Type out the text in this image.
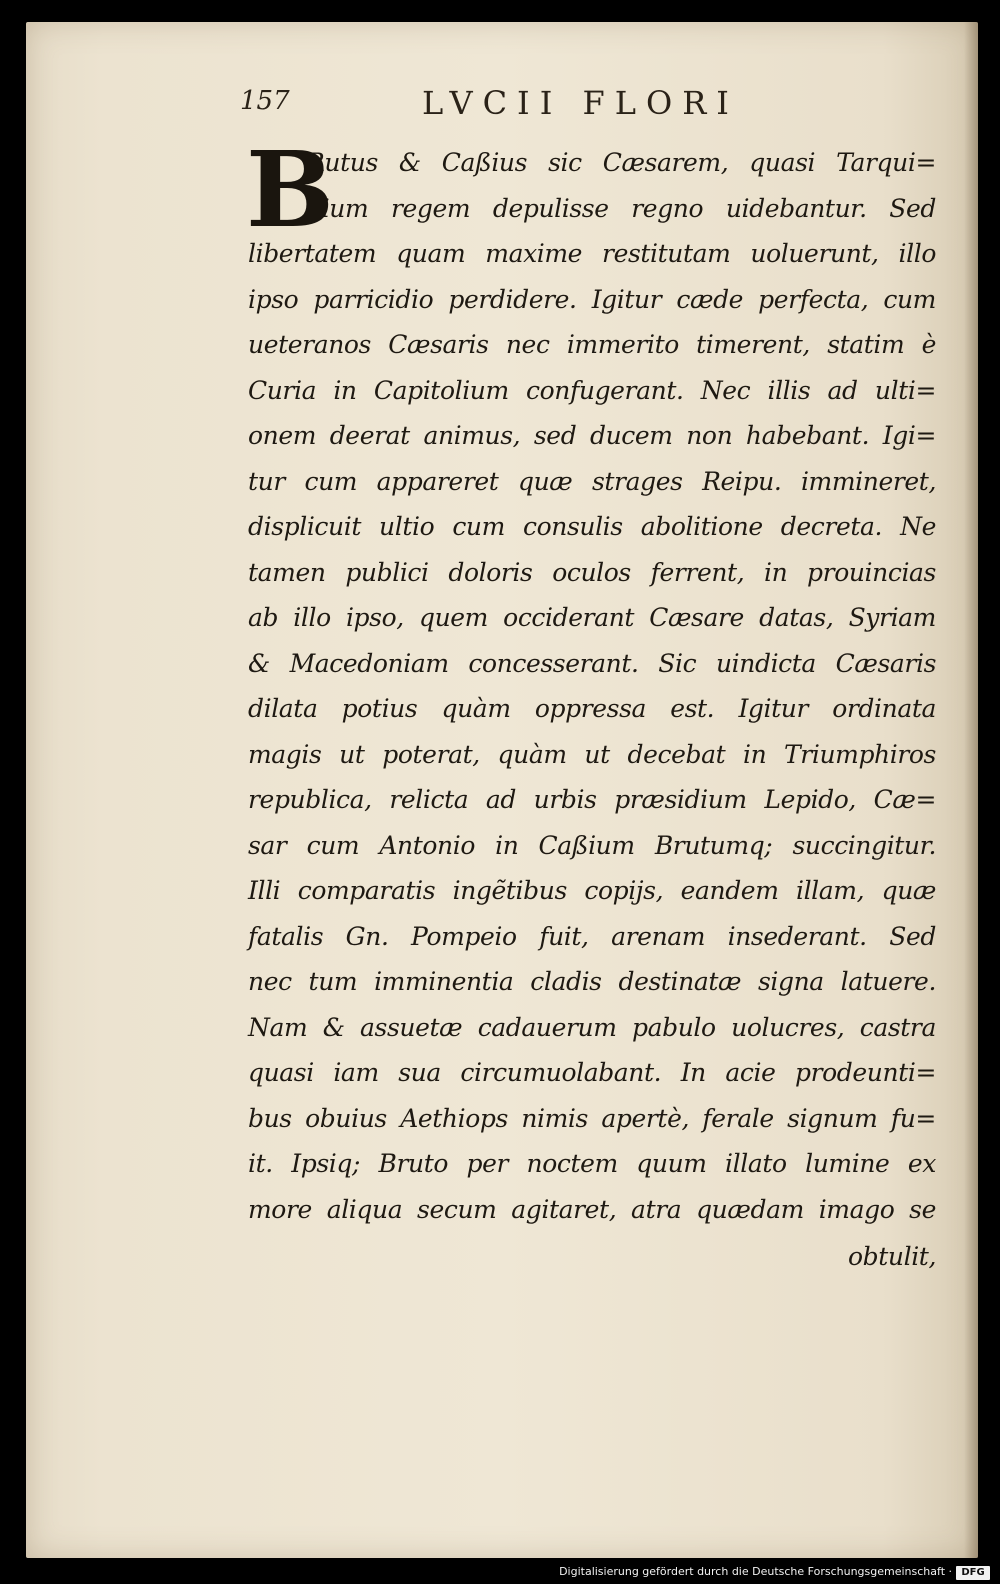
157	LVCII FLORI
B
Rutus & Caßius sic Cæsarem, quasi Tarqui=
nium regem depulisse regno uidebantur. Sed
libertatem quam maxime restitutam uoluerunt, illo
ipso parricidio perdidere. Igitur cæde perfecta, cum
ueteranos Cæsaris nec immerito timerent, statim è
Curia in Capitolium confugerant. Nec illis ad ulti=
onem deerat animus, sed ducem non habebant. Igi=
tur cum appareret quæ strages Reipu. immineret,
displicuit ultio cum consulis abolitione decreta. Ne
tamen publici doloris oculos ferrent, in prouincias
ab illo ipso, quem occiderant Cæsare datas, Syriam
& Macedoniam concesserant. Sic uindicta Cæsaris
dilata potius quàm oppressa est. Igitur ordinata
magis ut poterat, quàm ut decebat in Triumphiros
republica, relicta ad urbis præsidium Lepido, Cæ=
sar cum Antonio in Caßium Brutumq; succingitur.
Illi comparatis ingẽtibus copijs, eandem illam, quæ
fatalis Gn. Pompeio fuit, arenam insederant. Sed
nec tum imminentia cladis destinatæ signa latuere.
Nam & assuetæ cadauerum pabulo uolucres, castra
quasi iam sua circumuolabant. In acie prodeunti=
bus obuius Aethiops nimis apertè, ferale signum fu=
it. Ipsiq; Bruto per noctem quum illato lumine ex
more aliqua secum agitaret, atra quædam imago se
obtulit,
Digitalisierung gefördert durch die Deutsche Forschungsgemeinschaft · DFG
